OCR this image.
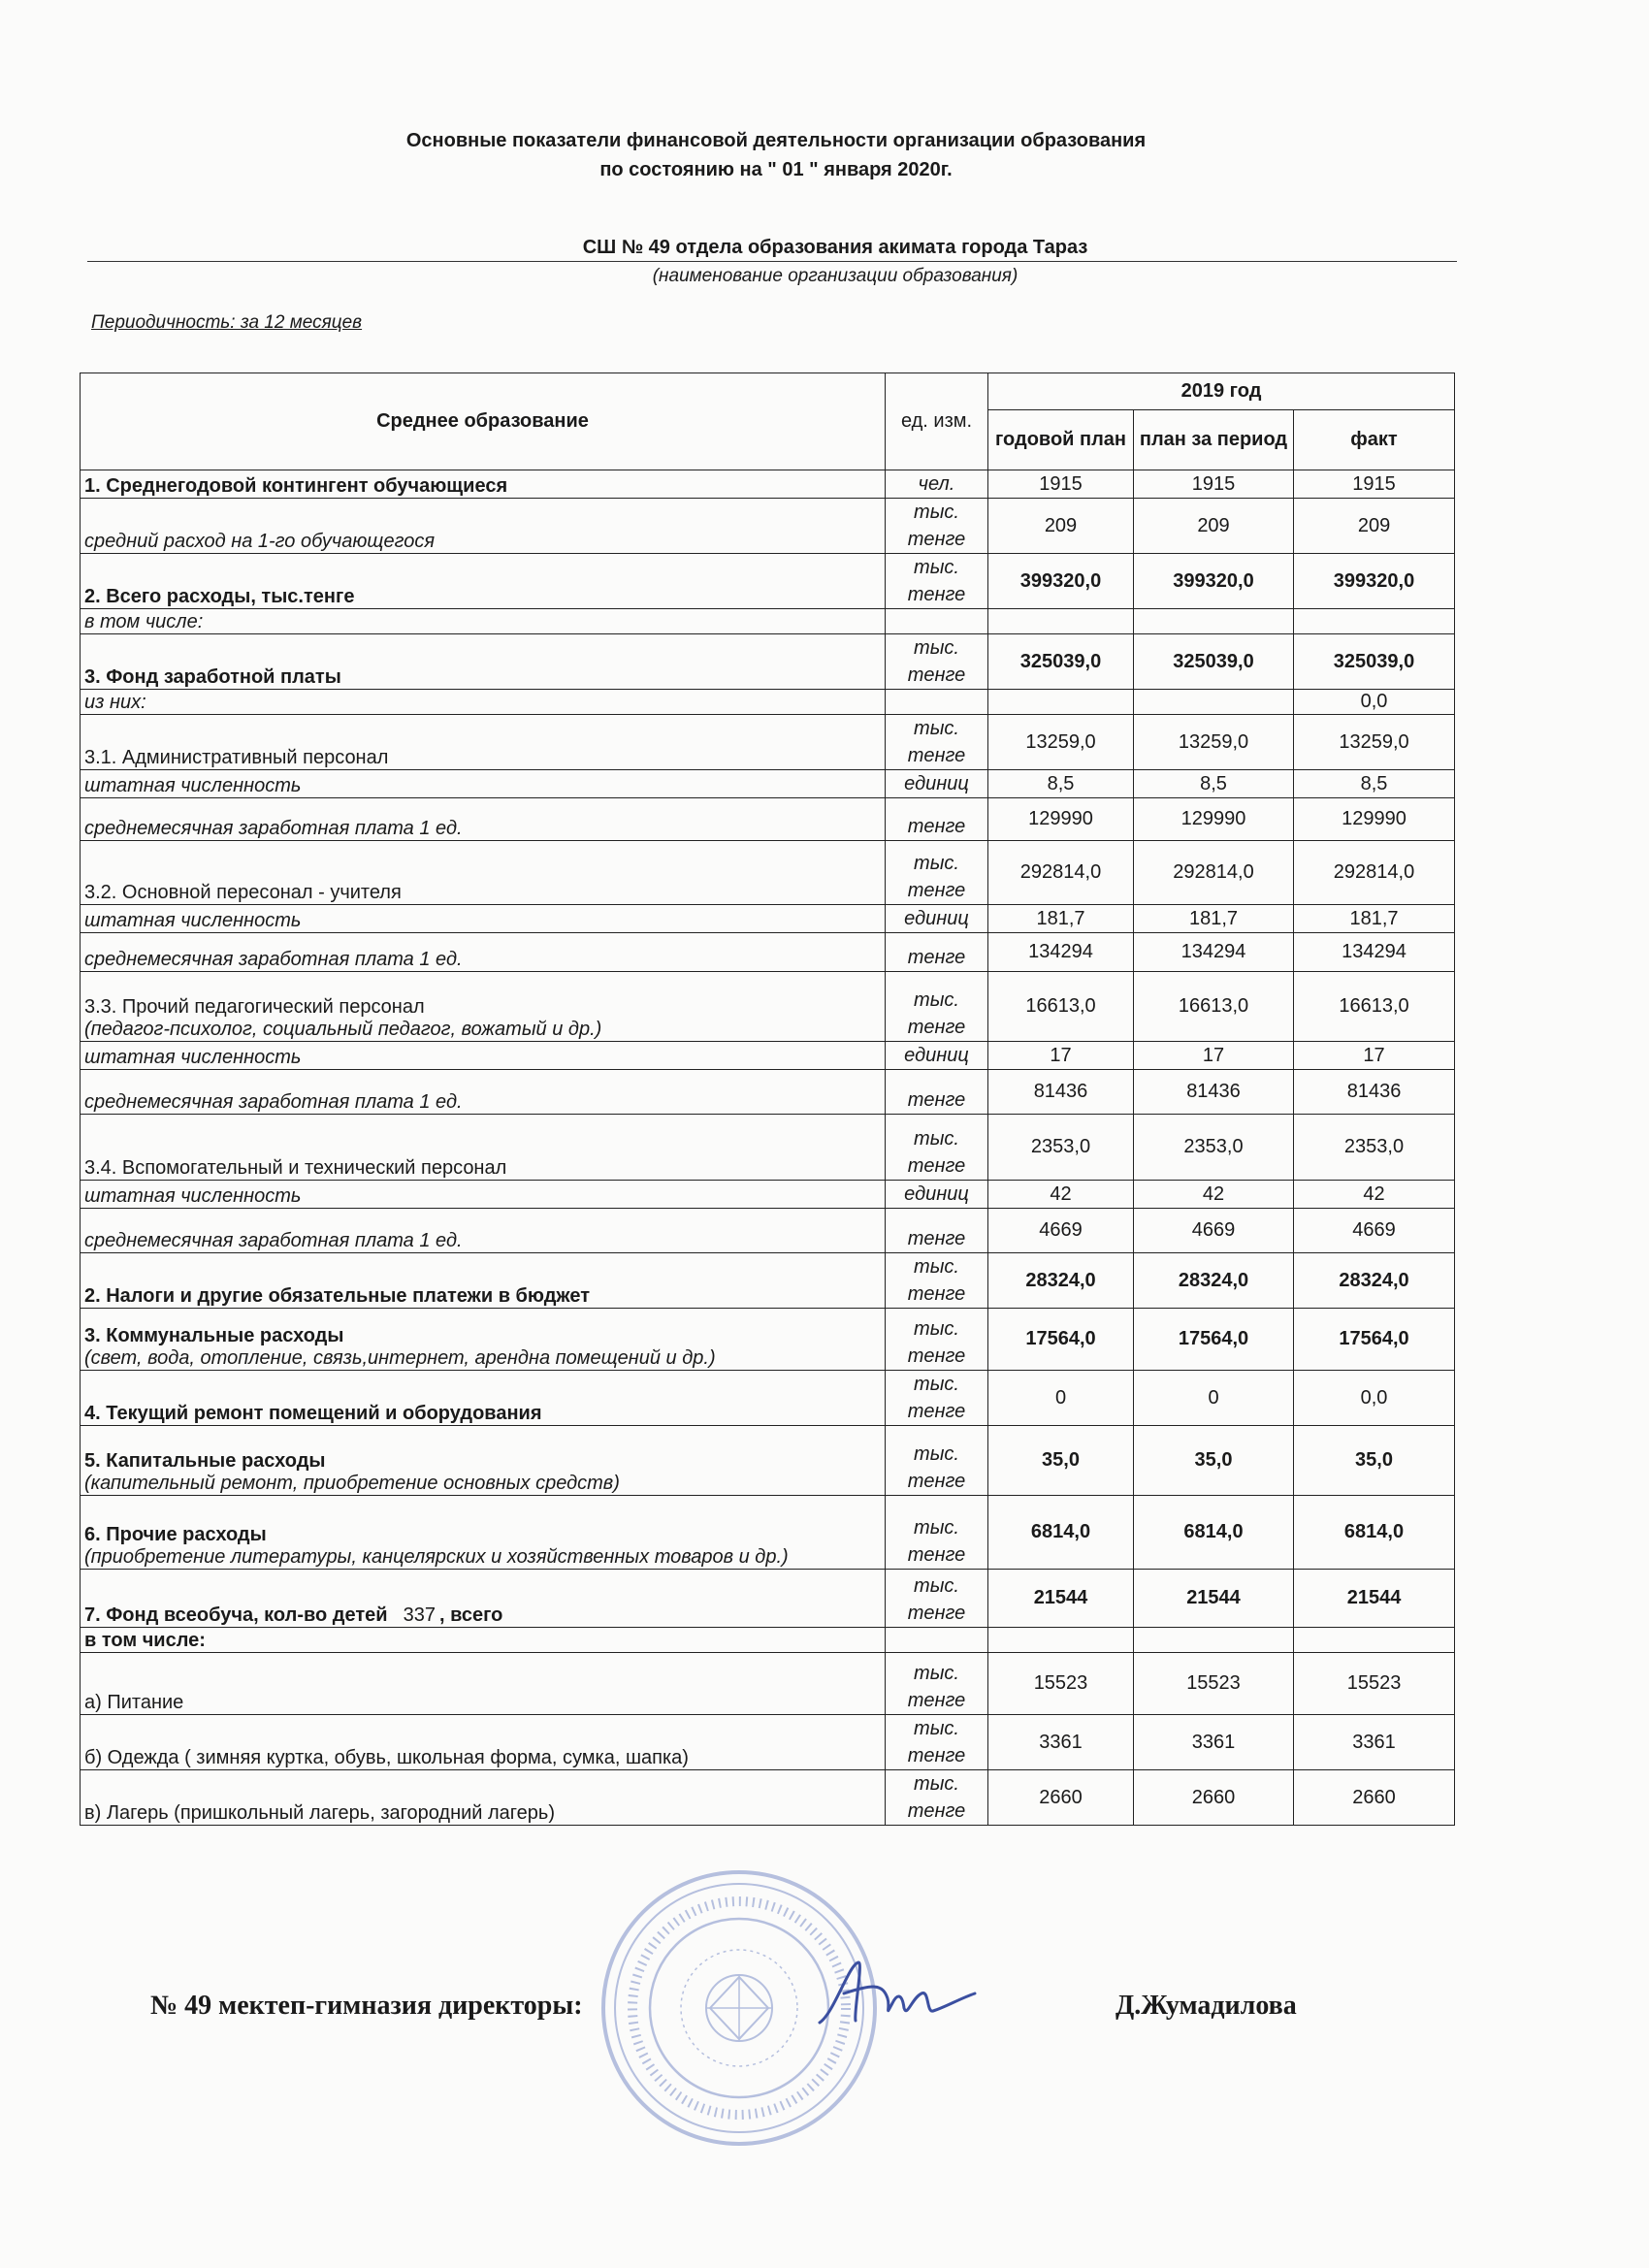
Основные показатели финансовой деятельности организации образования
по состоянию на " 01 " января 2020г.
СШ № 49 отдела образования акимата города Тараз
(наименование организации образования)
Периодичность: за 12 месяцев
Среднее образование	ед. изм.	2019 год		
		годовой план	план за период	факт

1. Среднегодовой контингент обучающиеся	чел.	1915	1915	1915

средний расход на 1-го обучающегося	тыс. тенге	209	209	209

2. Всего расходы, тыс.тенге	тыс. тенге	399320,0	399320,0	399320,0

в том числе:				

3. Фонд заработной платы	тыс. тенге	325039,0	325039,0	325039,0

из них:				0,0

3.1. Административный персонал	тыс. тенге	13259,0	13259,0	13259,0

штатная численность	единиц	8,5	8,5	8,5

среднемесячная заработная плата 1 ед.	тенге	129990	129990	129990

3.2. Основной пересонал - учителя	тыс. тенге	292814,0	292814,0	292814,0

штатная численность	единиц	181,7	181,7	181,7

среднемесячная заработная плата 1 ед.	тенге	134294	134294	134294

3.3. Прочий педагогический персонал
(педагог-психолог, социальный педагог, вожатый и др.)	тыс. тенге	16613,0	16613,0	16613,0

штатная численность	единиц	17	17	17

среднемесячная заработная плата 1 ед.	тенге	81436	81436	81436

3.4. Вспомогательный и технический персонал	тыс. тенге	2353,0	2353,0	2353,0

штатная численность	единиц	42	42	42

среднемесячная заработная плата 1 ед.	тенге	4669	4669	4669

2. Налоги и другие обязательные платежи в бюджет	тыс. тенге	28324,0	28324,0	28324,0

3. Коммунальные расходы
(свет, вода, отопление, связь,интернет, арендна помещений и др.)	тыс. тенге	17564,0	17564,0	17564,0

4. Текущий ремонт помещений и оборудования	тыс. тенге	0	0	0,0

5. Капитальные расходы
(капительный ремонт, приобретение основных средств)	тыс. тенге	35,0	35,0	35,0

6. Прочие расходы
(приобретение литературы, канцелярских и хозяйственных товаров и др.)	тыс. тенге	6814,0	6814,0	6814,0
7. Фонд всеобуча, кол-во детей 337 , всего	тыс. тенге	21544	21544	21544

в том числе:				

а) Питание	тыс. тенге	15523	15523	15523

б) Одежда ( зимняя куртка, обувь, школьная форма, сумка, шапка)	тыс. тенге	3361	3361	3361

в) Лагерь (пришкольный лагерь, загородний лагерь)	тыс. тенге	2660	2660	2660
№ 49 мектеп-гимназия директоры:	Д.Жумадилова
